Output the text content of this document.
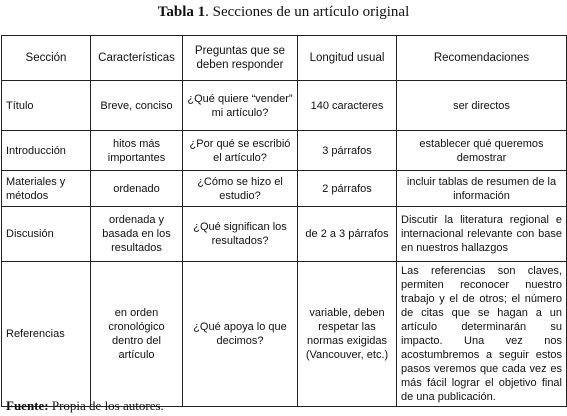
Tabla 1. Secciones de un artículo original
Sección	Características	Preguntas que se deben responder	Longitud usual	Recomendaciones
Título	Breve, conciso	¿Qué quiere “vender” mi artículo?	140 caracteres	ser directos
Introducción	hitos más importantes	¿Por qué se escribió el artículo?	3 párrafos	establecer qué queremos demostrar
Materiales y métodos	ordenado	¿Cómo se hizo el estudio?	2 párrafos	incluir tablas de resumen de la información
Discusión	ordenada y basada en los resultados	¿Qué significan los resultados?	de 2 a 3 párrafos	Discutir la literatura regional e internacional relevante con base en nuestros hallazgos
Referencias	en orden cronológico dentro del artículo	¿Qué apoya lo que decimos?	variable, deben respetar las normas exigidas (Vancouver, etc.)	Las referencias son claves, permiten reconocer nuestro trabajo y el de otros; el número de citas que se hagan a un artículo determinarán su impacto. Una vez nos acostumbremos a seguir estos pasos veremos que cada vez es más fácil lograr el objetivo final de una publicación.
Fuente: Propia de los autores.
